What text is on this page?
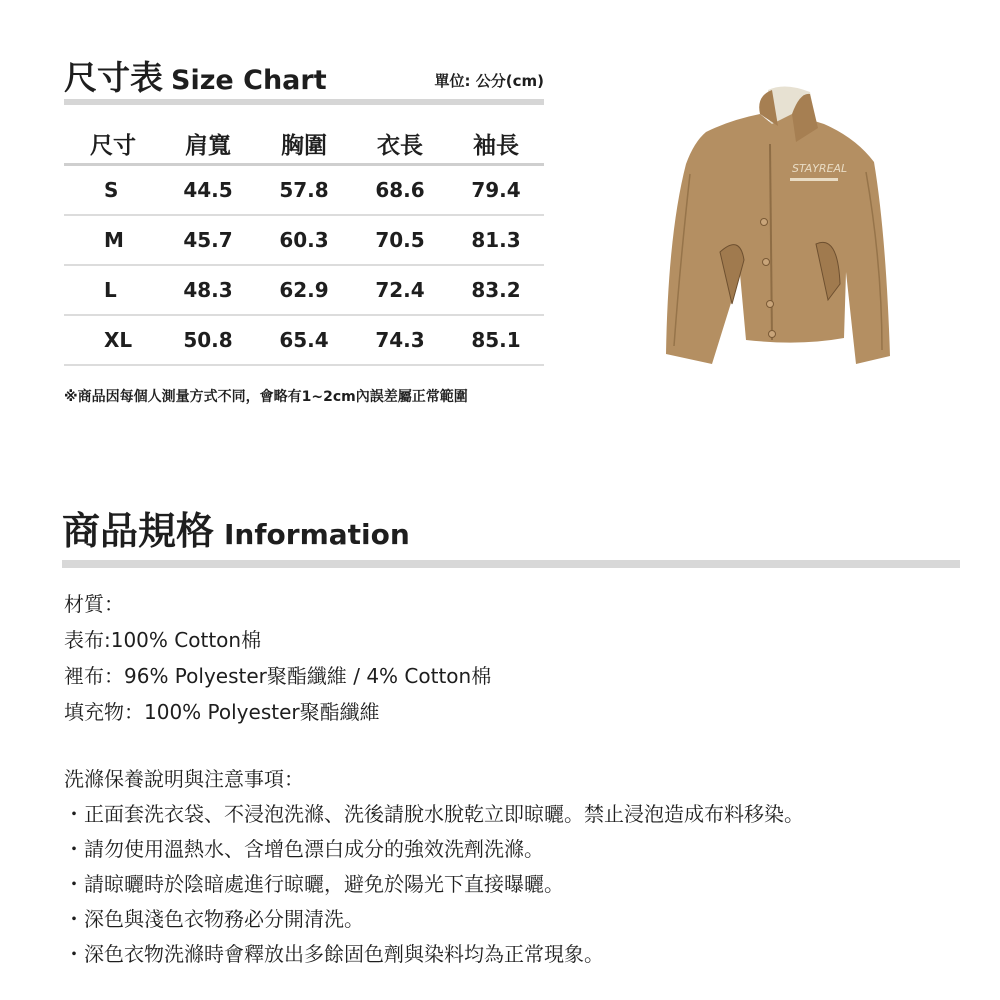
尺寸表 Size Chart	單位: 公分(cm)
尺寸	肩寬	胸圍	衣長	袖長
S	44.5	57.8	68.6	79.4
M	45.7	60.3	70.5	81.3
L	48.3	62.9	72.4	83.2
XL	50.8	65.4	74.3	85.1
※商品因每個人測量方式不同，會略有1~2cm內誤差屬正常範圍
STAYREAL
商品規格 Information
材質：
表布:100% Cotton棉
裡布：96% Polyester聚酯纖維 / 4% Cotton棉
填充物：100% Polyester聚酯纖維
洗滌保養說明與注意事項：
・正面套洗衣袋、不浸泡洗滌、洗後請脫水脫乾立即晾曬。禁止浸泡造成布料移染。
・請勿使用溫熱水、含增色漂白成分的強效洗劑洗滌。
・請晾曬時於陰暗處進行晾曬，避免於陽光下直接曝曬。
・深色與淺色衣物務必分開清洗。
・深色衣物洗滌時會釋放出多餘固色劑與染料均為正常現象。
